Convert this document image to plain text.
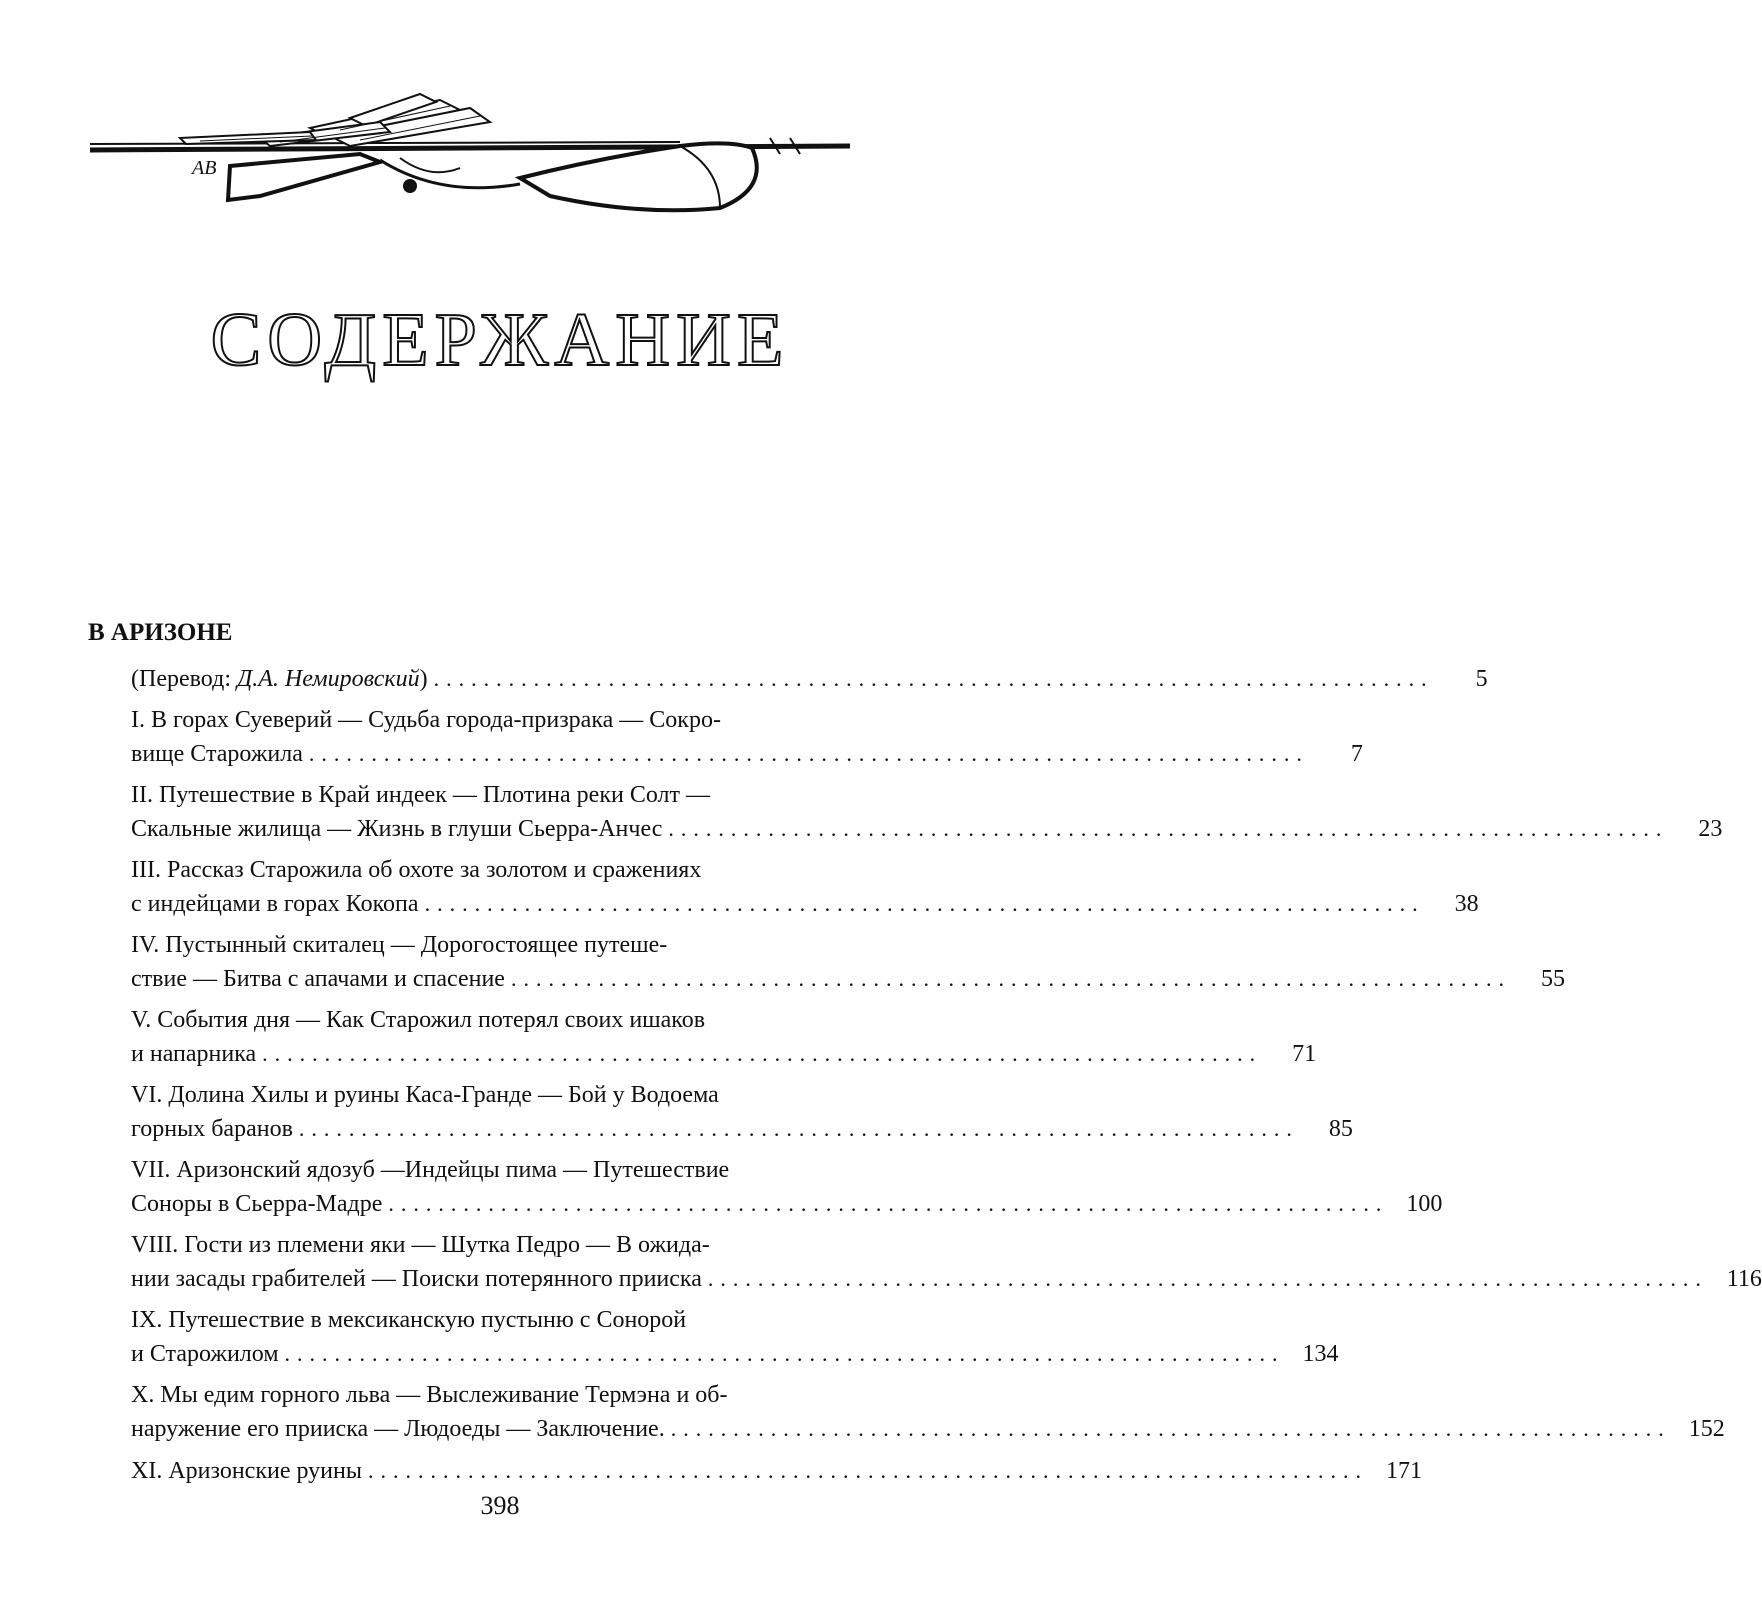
AB
СОДЕРЖАНИЕ
В АРИЗОНЕ
(Перевод: Д.А. Немировский) ................................................................................	5
I. В горах Суеверий — Судьба города-призрака — Сокро-
вище Старожила ................................................................................	7
II. Путешествие в Край индеек — Плотина реки Солт —
Скальные жилища — Жизнь в глуши Сьерра-Анчес ................................................................................	23
III. Рассказ Старожила об охоте за золотом и сражениях
с индейцами в горах Кокопа ................................................................................	38
IV. Пустынный скиталец — Дорогостоящее путеше-
ствие — Битва с апачами и спасение ................................................................................	55
V. События дня — Как Старожил потерял своих ишаков
и напарника ................................................................................	71
VI. Долина Хилы и руины Каса-Гранде — Бой у Водоема
горных баранов ................................................................................	85
VII. Аризонский ядозуб —Индейцы пима — Путешествие
Соноры в Сьерра-Мадре ................................................................................ 100
VIII. Гости из племени яки — Шутка Педро — В ожида-
нии засады грабителей — Поиски потерянного прииска ................................................................................ 116
IX. Путешествие в мексиканскую пустыню с Сонорой
и Старожилом ................................................................................ 134
X. Мы едим горного льва — Выслеживание Термэна и об-
наружение его прииска — Людоеды — Заключение. ................................................................................ 152
XI. Аризонские руины ................................................................................ 171
398
